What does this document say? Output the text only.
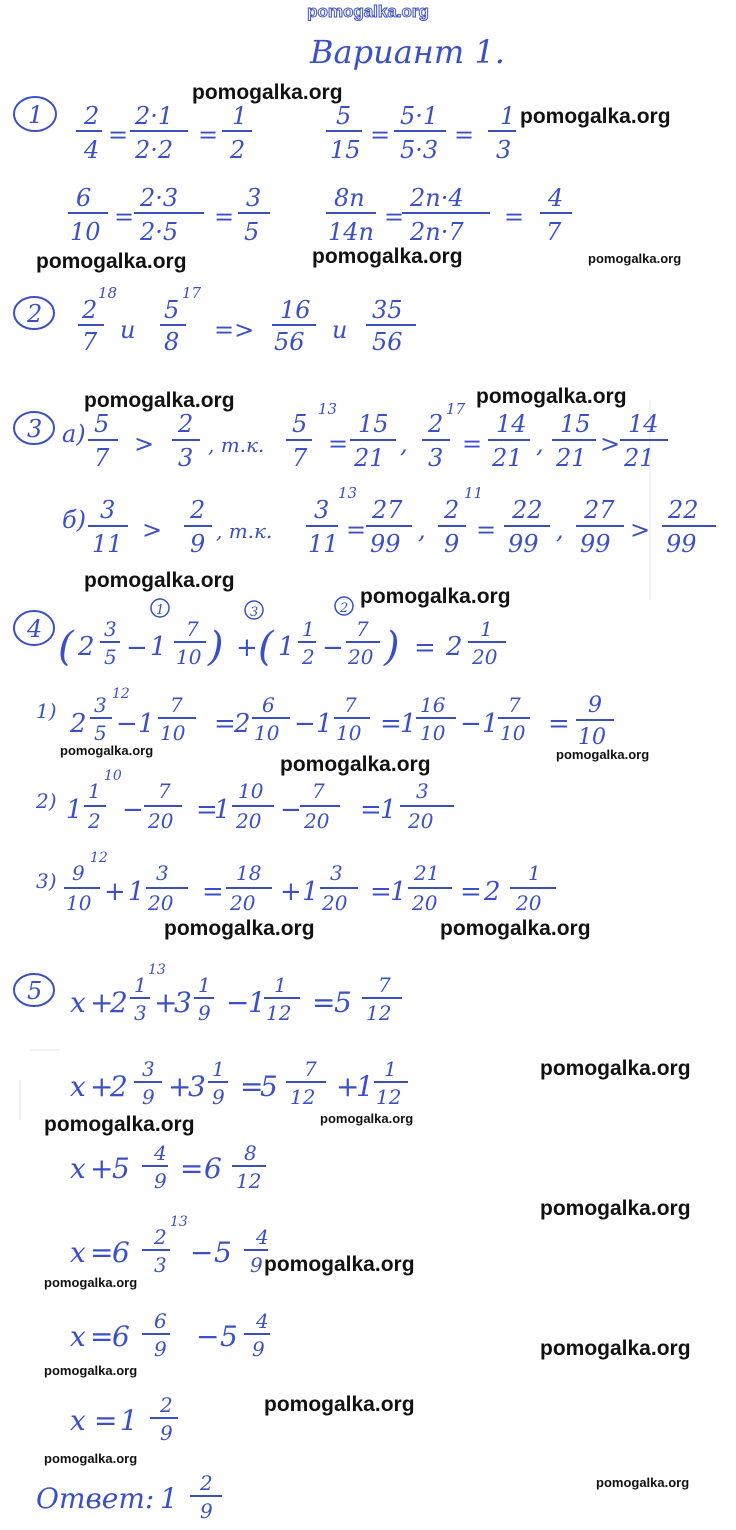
pomogalka.org
Вариант 1.
1 2
4
=
2·1
2·2
=
1
2
5
15
=
5·1
5·3
=
1
3
6
10
=
2·3
2·5
=
3
5
8n
14n
=
2n·4
2n·7
=
4
7
2 2
18
7 и
5
17
8 =>
16
56 и
35
56
3 а) 5
7 >
2
3 , т.к.
5
13
7 =
15
21 ,
2
17
3 =
14
21 ,
15
21 >
14
21
б) 3
11 >
2
9 , т.к.
3
13
11 =
27
99 ,
2
11
9 =
22
99 ,
27
99 >
22
99
4 ( 2
3
5
1
− 1
7
10 )
3
+ ( 1
1
2
2
−
7
20 ) = 2
1
20
1) 2
3 12
5 − 1
7
10 =
2
6
10 − 1
7
10 =
1
16
10 − 1
7
10 =
9
10
2) 1
1
10
2 −
7
20 =
1
10
20 −
7
20 =
1
3
20
3) 9
12
10 + 1
3
20 =
18
20 + 1
3
20 =
1
21
20 = 2
1
20
5 x +
2
1
13
3 +
3
1
9 −
1
1
12 =
5
7
12
x +
2
3
9 +
3
1
9 =
5
7
12 +
1
1
12
x +
5 4
9 = 6 8
12
x =
6 2
13
3 − 5 4
9
x =
6 6
9 − 5 4
9
x = 1 2
9
Ответ: 1 2
9
pomogalka.org
pomogalka.org
pomogalka.org	pomogalka.org	pomogalka.org
pomogalka.org	pomogalka.org
pomogalka.org
pomogalka.org
pomogalka.org
pomogalka.org	pomogalka.org
pomogalka.org	pomogalka.org
pomogalka.org
pomogalka.org	pomogalka.org
pomogalka.org
pomogalka.org
pomogalka.org
pomogalka.org
pomogalka.org
pomogalka.org
pomogalka.org
pomogalka.org
